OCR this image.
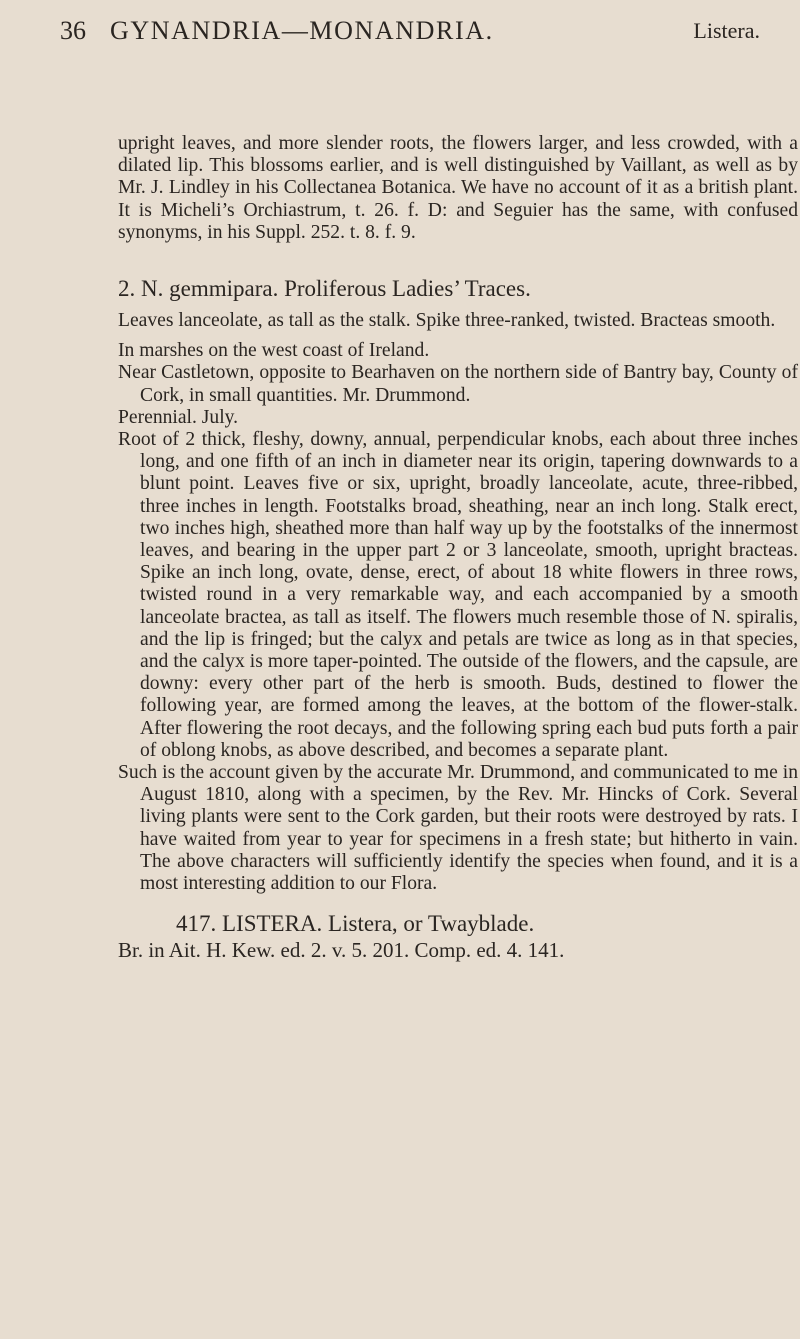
36 GYNANDRIA—MONANDRIA.	Listera.

upright leaves, and more slender roots, the flowers larger, and less crowded, with a dilated lip. This blossoms earlier, and is well distinguished by Vaillant, as well as by Mr. J. Lindley in his Collectanea Botanica. We have no account of it as a british plant. It is Micheli’s Orchiastrum, t. 26. f. D: and Seguier has the same, with confused synonyms, in his Suppl. 252. t. 8. f. 9.

2. N. gemmipara. Proliferous Ladies’ Traces.

Leaves lanceolate, as tall as the stalk. Spike three-ranked, twisted. Bracteas smooth.

In marshes on the west coast of Ireland.

Near Castletown, opposite to Bearhaven on the northern side of Bantry bay, County of Cork, in small quantities. Mr. Drummond.

Perennial. July.

Root of 2 thick, fleshy, downy, annual, perpendicular knobs, each about three inches long, and one fifth of an inch in diameter near its origin, tapering downwards to a blunt point. Leaves five or six, upright, broadly lanceolate, acute, three-ribbed, three inches in length. Footstalks broad, sheathing, near an inch long. Stalk erect, two inches high, sheathed more than half way up by the footstalks of the innermost leaves, and bearing in the upper part 2 or 3 lanceolate, smooth, upright bracteas. Spike an inch long, ovate, dense, erect, of about 18 white flowers in three rows, twisted round in a very remarkable way, and each accompanied by a smooth lanceolate bractea, as tall as itself. The flowers much resemble those of N. spiralis, and the lip is fringed; but the calyx and petals are twice as long as in that species, and the calyx is more taper-pointed. The outside of the flowers, and the capsule, are downy: every other part of the herb is smooth. Buds, destined to flower the following year, are formed among the leaves, at the bottom of the flower-stalk. After flowering the root decays, and the following spring each bud puts forth a pair of oblong knobs, as above described, and becomes a separate plant.

Such is the account given by the accurate Mr. Drummond, and communicated to me in August 1810, along with a specimen, by the Rev. Mr. Hincks of Cork. Several living plants were sent to the Cork garden, but their roots were destroyed by rats. I have waited from year to year for specimens in a fresh state; but hitherto in vain. The above characters will sufficiently identify the species when found, and it is a most interesting addition to our Flora.

417. LISTERA. Listera, or Twayblade.

Br. in Ait. H. Kew. ed. 2. v. 5. 201. Comp. ed. 4. 141.
